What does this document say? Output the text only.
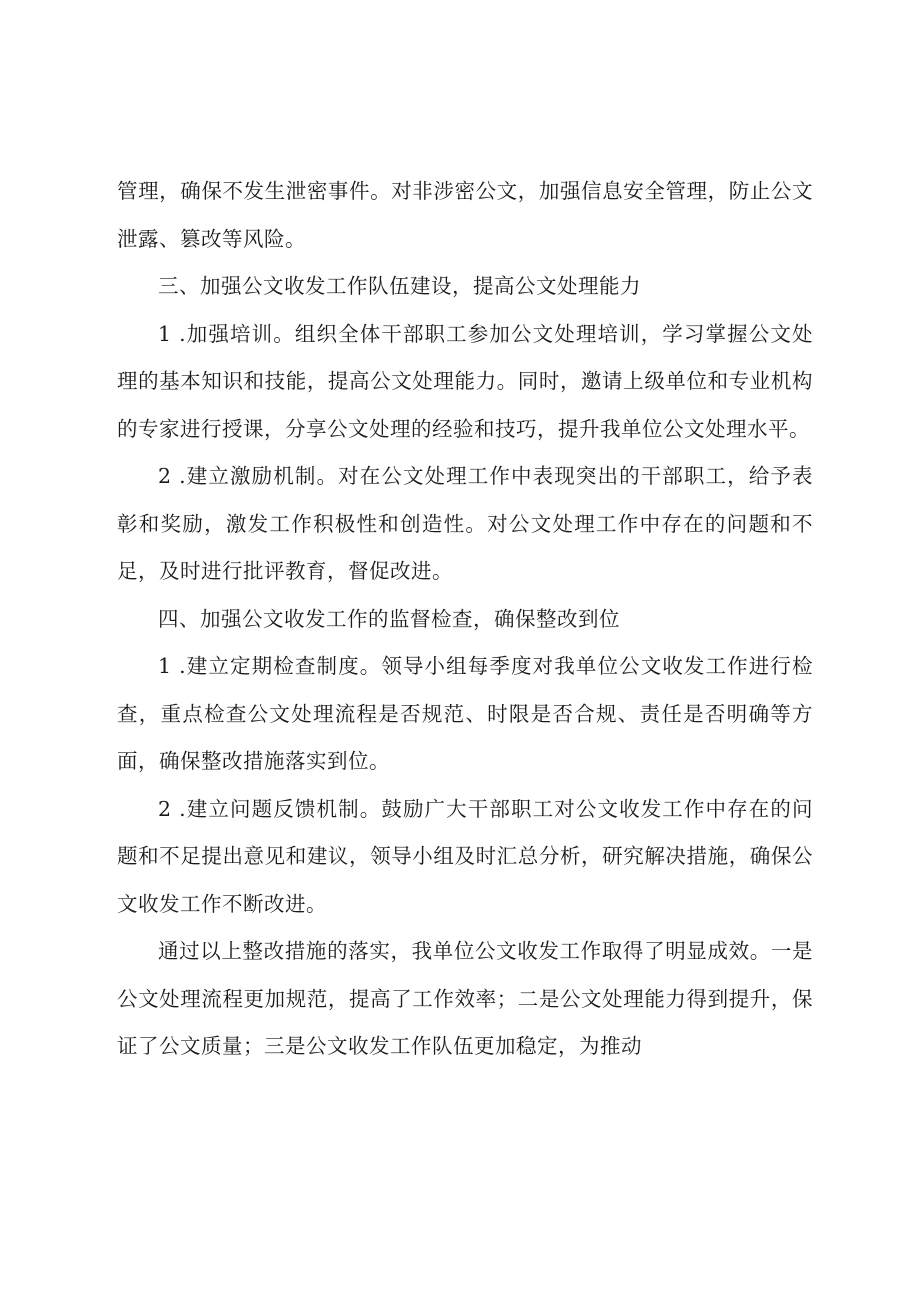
管理，确保不发生泄密事件。对非涉密公文，加强信息安全管理，防止公文泄露、篡改等风险。

三、加强公文收发工作队伍建设，提高公文处理能力

1 .加强培训。组织全体干部职工参加公文处理培训，学习掌握公文处理的基本知识和技能，提高公文处理能力。同时，邀请上级单位和专业机构的专家进行授课，分享公文处理的经验和技巧，提升我单位公文处理水平。

2 .建立激励机制。对在公文处理工作中表现突出的干部职工，给予表彰和奖励，激发工作积极性和创造性。对公文处理工作中存在的问题和不足，及时进行批评教育，督促改进。

四、加强公文收发工作的监督检查，确保整改到位

1 .建立定期检查制度。领导小组每季度对我单位公文收发工作进行检查，重点检查公文处理流程是否规范、时限是否合规、责任是否明确等方面，确保整改措施落实到位。

2 .建立问题反馈机制。鼓励广大干部职工对公文收发工作中存在的问题和不足提出意见和建议，领导小组及时汇总分析，研究解决措施，确保公文收发工作不断改进。

通过以上整改措施的落实，我单位公文收发工作取得了明显成效。一是公文处理流程更加规范，提高了工作效率；二是公文处理能力得到提升，保证了公文质量；三是公文收发工作队伍更加稳定，为推动
